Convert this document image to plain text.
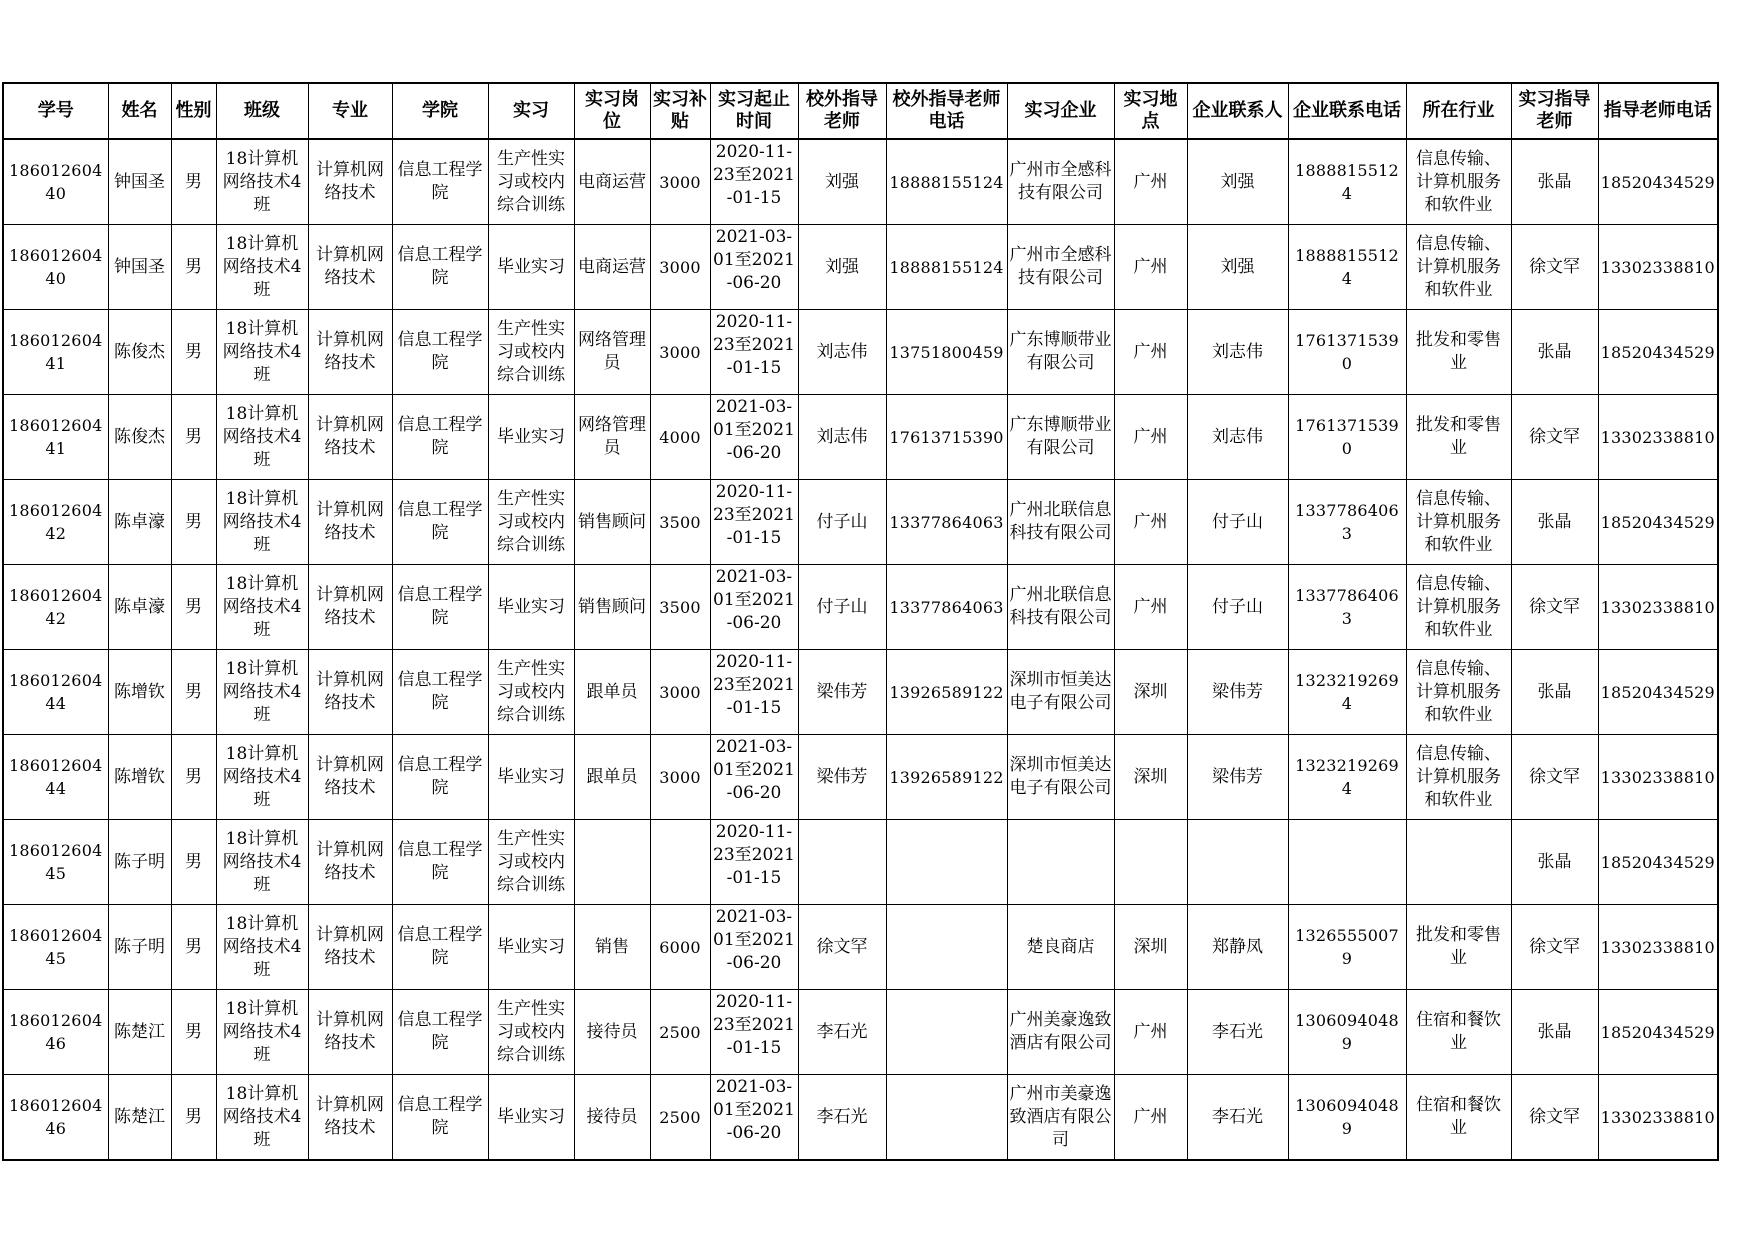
学号	姓名	性别	班级	专业	学院	实习	实习岗位	实习补贴	实习起止时间	校外指导老师	校外指导老师电话	实习企业	实习地点	企业联系人	企业联系电话	所在行业	实习指导老师	指导老师电话
18601260440	钟国圣	男	18计算机网络技术4班	计算机网络技术	信息工程学院	生产性实习或校内综合训练	电商运营	3000	2020-11-23至2021-01-15	刘强	18888155124	广州市全感科技有限公司	广州	刘强	18888155124	信息传输、计算机服务和软件业	张晶	18520434529
18601260440	钟国圣	男	18计算机网络技术4班	计算机网络技术	信息工程学院	毕业实习	电商运营	3000	2021-03-01至2021-06-20	刘强	18888155124	广州市全感科技有限公司	广州	刘强	18888155124	信息传输、计算机服务和软件业	徐文罕	13302338810
18601260441	陈俊杰	男	18计算机网络技术4班	计算机网络技术	信息工程学院	生产性实习或校内综合训练	网络管理员	3000	2020-11-23至2021-01-15	刘志伟	13751800459	广东博顺带业有限公司	广州	刘志伟	17613715390	批发和零售业	张晶	18520434529
18601260441	陈俊杰	男	18计算机网络技术4班	计算机网络技术	信息工程学院	毕业实习	网络管理员	4000	2021-03-01至2021-06-20	刘志伟	17613715390	广东博顺带业有限公司	广州	刘志伟	17613715390	批发和零售业	徐文罕	13302338810
18601260442	陈卓濠	男	18计算机网络技术4班	计算机网络技术	信息工程学院	生产性实习或校内综合训练	销售顾问	3500	2020-11-23至2021-01-15	付子山	13377864063	广州北联信息科技有限公司	广州	付子山	13377864063	信息传输、计算机服务和软件业	张晶	18520434529
18601260442	陈卓濠	男	18计算机网络技术4班	计算机网络技术	信息工程学院	毕业实习	销售顾问	3500	2021-03-01至2021-06-20	付子山	13377864063	广州北联信息科技有限公司	广州	付子山	13377864063	信息传输、计算机服务和软件业	徐文罕	13302338810
18601260444	陈增钦	男	18计算机网络技术4班	计算机网络技术	信息工程学院	生产性实习或校内综合训练	跟单员	3000	2020-11-23至2021-01-15	梁伟芳	13926589122	深圳市恒美达电子有限公司	深圳	梁伟芳	13232192694	信息传输、计算机服务和软件业	张晶	18520434529
18601260444	陈增钦	男	18计算机网络技术4班	计算机网络技术	信息工程学院	毕业实习	跟单员	3000	2021-03-01至2021-06-20	梁伟芳	13926589122	深圳市恒美达电子有限公司	深圳	梁伟芳	13232192694	信息传输、计算机服务和软件业	徐文罕	13302338810
18601260445	陈子明	男	18计算机网络技术4班	计算机网络技术	信息工程学院	生产性实习或校内综合训练			2020-11-23至2021-01-15								张晶	18520434529
18601260445	陈子明	男	18计算机网络技术4班	计算机网络技术	信息工程学院	毕业实习	销售	6000	2021-03-01至2021-06-20	徐文罕		楚良商店	深圳	郑静凤	13265550079	批发和零售业	徐文罕	13302338810
18601260446	陈楚江	男	18计算机网络技术4班	计算机网络技术	信息工程学院	生产性实习或校内综合训练	接待员	2500	2020-11-23至2021-01-15	李石光		广州美豪逸致酒店有限公司	广州	李石光	13060940489	住宿和餐饮业	张晶	18520434529
18601260446	陈楚江	男	18计算机网络技术4班	计算机网络技术	信息工程学院	毕业实习	接待员	2500	2021-03-01至2021-06-20	李石光		广州市美豪逸致酒店有限公司	广州	李石光	13060940489	住宿和餐饮业	徐文罕	13302338810
